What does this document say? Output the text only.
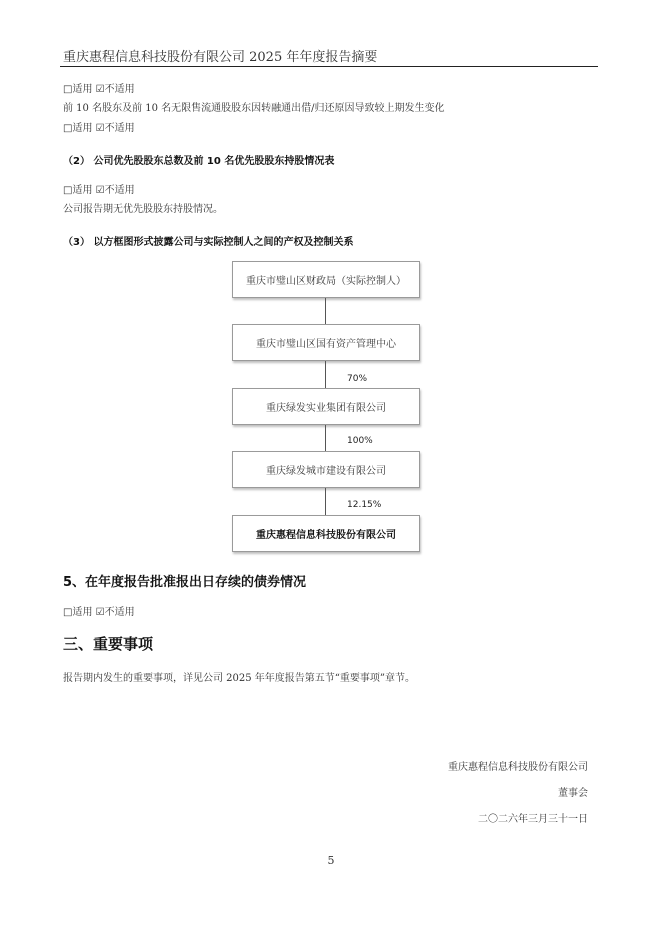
重庆惠程信息科技股份有限公司 2025 年年度报告摘要
□适用 ☑不适用
前 10 名股东及前 10 名无限售流通股股东因转融通出借/归还原因导致较上期发生变化
□适用 ☑不适用
（2） 公司优先股股东总数及前 10 名优先股股东持股情况表
□适用 ☑不适用
公司报告期无优先股股东持股情况。
（3） 以方框图形式披露公司与实际控制人之间的产权及控制关系
重庆市璧山区财政局（实际控制人）
重庆市璧山区国有资产管理中心
70%
重庆绿发实业集团有限公司
100%
重庆绿发城市建设有限公司
12.15%
重庆惠程信息科技股份有限公司
5、在年度报告批准报出日存续的债券情况
□适用 ☑不适用
三、重要事项
报告期内发生的重要事项，详见公司 2025 年年度报告第五节“重要事项”章节。
重庆惠程信息科技股份有限公司
董事会
二〇二六年三月三十一日
5
